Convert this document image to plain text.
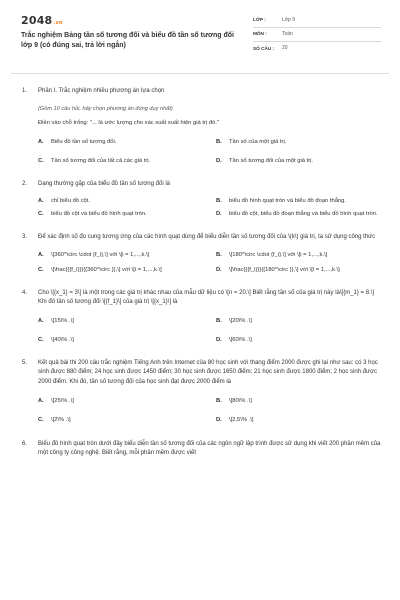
2048.vn
Trắc nghiệm Bảng tần số tương đối và biểu đồ tần số tương đối lớp 9 (có đúng sai, trả lời ngắn)
LỚP :	Lớp 9
MÔN :	Toán
SỐ CÂU :	20
1. Phần I. Trắc nghiệm nhiều phương án lựa chọn
(Gồm 10 câu hỏi, hãy chọn phương án đúng duy nhất)
Điền vào chỗ trống: "... là ước lượng cho xác suất xuất hiện giá trị đó."
A.	Biểu đồ tần số tương đối.	B.	Tần số của một giá trị.
C.	Tần số tương đối của tất cả các giá trị.	D.	Tần số tương đối của một giá trị.
2. Dạng thường gặp của biểu đồ tần số tương đối là
A.	chỉ biểu đồ cột.	B.	biểu đồ hình quạt tròn và biểu đồ đoạn thẳng.
C.	biểu đồ cột và biểu đồ hình quạt tròn.	D.	biểu đồ cột, biểu đồ đoạn thẳng và biểu đồ hình quạt tròn.
3. Để xác định số đo cung tương ứng của các hình quạt dùng để biểu diễn tần số tương đối của \(k\) giá trị, ta sử dụng công thức
A.	\[360^\circ \cdot {f_i},\] với \[i = 1,...,k.\]	B.	\[180^\circ \cdot {f_i},\] với \[i = 1,...,k.\]
C.	\[\frac{{{f_i}}}{{360^\circ }},\] với \[i = 1,...,k.\]	D.	\[\frac{{{f_i}}}{{180^\circ }},\] với \[i = 1,...,k.\]
4. Cho \[{x_1} = 3\] là một trong các giá trị khác nhau của mẫu dữ liệu có \[n = 20.\] Biết rằng tần số của giá trị này là\[{m_1} = 8.\] Khi đó tần số tương đối \[{f_1}\] của giá trị \[{x_1}\] là
A.	\[15\% .\]	B.	\[20\% .\]
C.	\[40\% .\]	D.	\[60\% .\]
5. Kết quả bài thi 200 câu trắc nghiệm Tiếng Anh trên Internet của 80 học sinh với thang điểm 2000 được ghi lại như sau: có 3 học sinh được 880 điểm; 24 học sinh được 1450 điểm; 30 học sinh được 1650 điểm; 21 học sinh được 1800 điểm; 2 học sinh được 2000 điểm. Khi đó, tần số tương đối của học sinh đạt được 2000 điểm là
A.	\[25\% .\]	B.	\[80\% .\]
C.	\[2\% .\]	D.	\[2,5\% .\]
6. Biểu đồ hình quạt tròn dưới đây biểu diễn tần số tương đối của các ngôn ngữ lập trình được sử dụng khi viết 200 phần mềm của một công ty công nghệ. Biết rằng, mỗi phần mềm được viết
